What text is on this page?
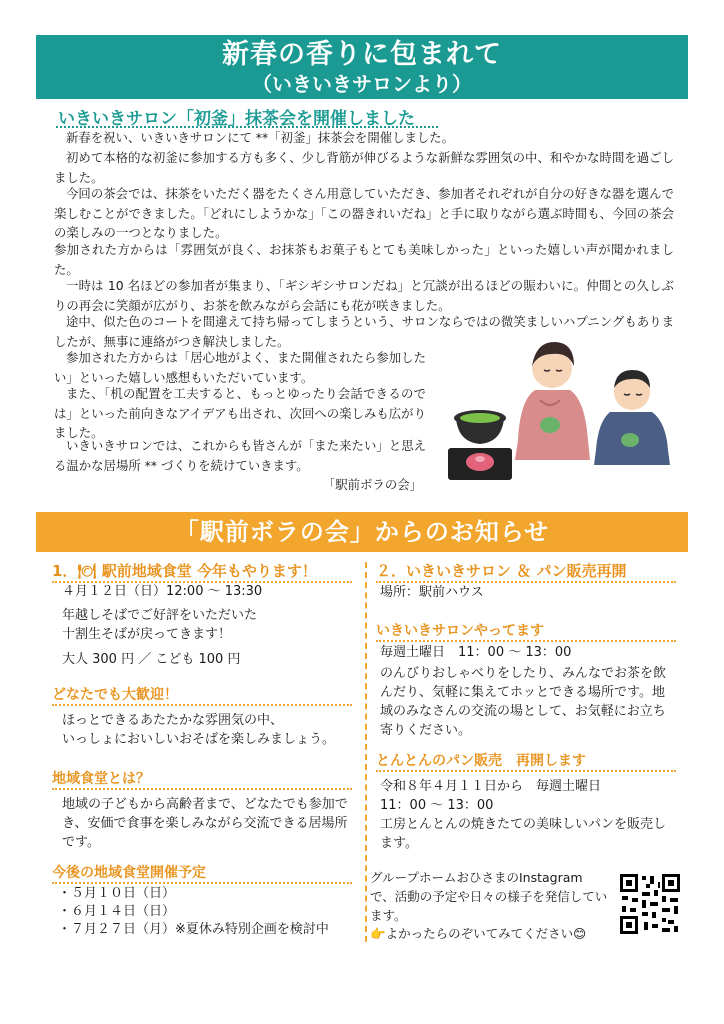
新春の香りに包まれて
（いきいきサロンより）
いきいきサロン「初釜」抹茶会を開催しました
新春を祝い、いきいきサロンにて **「初釜」抹茶会を開催しました。
初めて本格的な初釜に参加する方も多く、少し背筋が伸びるような新鮮な雰囲気の中、和やかな時間を過ごしました。
今回の茶会では、抹茶をいただく器をたくさん用意していただき、参加者それぞれが自分の好きな器を選んで楽しむことができました。「どれにしようかな」「この器きれいだね」と手に取りながら選ぶ時間も、今回の茶会の楽しみの一つとなりました。
参加された方からは「雰囲気が良く、お抹茶もお菓子もとても美味しかった」といった嬉しい声が聞かれました。
一時は 10 名ほどの参加者が集まり、「ギシギシサロンだね」と冗談が出るほどの賑わいに。仲間との久しぶりの再会に笑顔が広がり、お茶を飲みながら会話にも花が咲きました。
途中、似た色のコートを間違えて持ち帰ってしまうという、サロンならではの微笑ましいハプニングもありましたが、無事に連絡がつき解決しました。
参加された方からは「居心地がよく、また開催されたら参加したい」といった嬉しい感想もいただいています。
また、「机の配置を工夫すると、もっとゆったり会話できるのでは」といった前向きなアイデアも出され、次回への楽しみも広がりました。
いきいきサロンでは、これからも皆さんが「また来たい」と思える温かな居場所 ** づくりを続けていきます。
「駅前ボラの会」
「駅前ボラの会」からのお知らせ
1．🍽 駅前地域食堂 今年もやります！
４月１２日（日）12:00 ～ 13:30
年越しそばでご好評をいただいた
十割生そばが戻ってきます！
大人 300 円 ／ こども 100 円
どなたでも大歓迎！
ほっとできるあたたかな雰囲気の中、
いっしょにおいしいおそばを楽しみましょう。
地域食堂とは？
地域の子どもから高齢者まで、どなたでも参加でき、安価で食事を楽しみながら交流できる居場所です。
今後の地域食堂開催予定
・５月１０日（日）
・６月１４日（日）
・７月２７日（月）※夏休み特別企画を検討中
２．いきいきサロン ＆ パン販売再開
場所：駅前ハウス
いきいきサロンやってます
毎週土曜日　11：00 ～ 13：00
のんびりおしゃべりをしたり、みんなでお茶を飲んだり、気軽に集えてホッとできる場所です。地域のみなさんの交流の場として、お気軽にお立ち寄りください。
とんとんのパン販売　再開します
令和８年４月１１日から　毎週土曜日
11：00 ～ 13：00
工房とんとんの焼きたての美味しいパンを販売します。
グループホームおひさまのInstagram で、活動の予定や日々の様子を発信しています。
👉よかったらのぞいてみてください😊
